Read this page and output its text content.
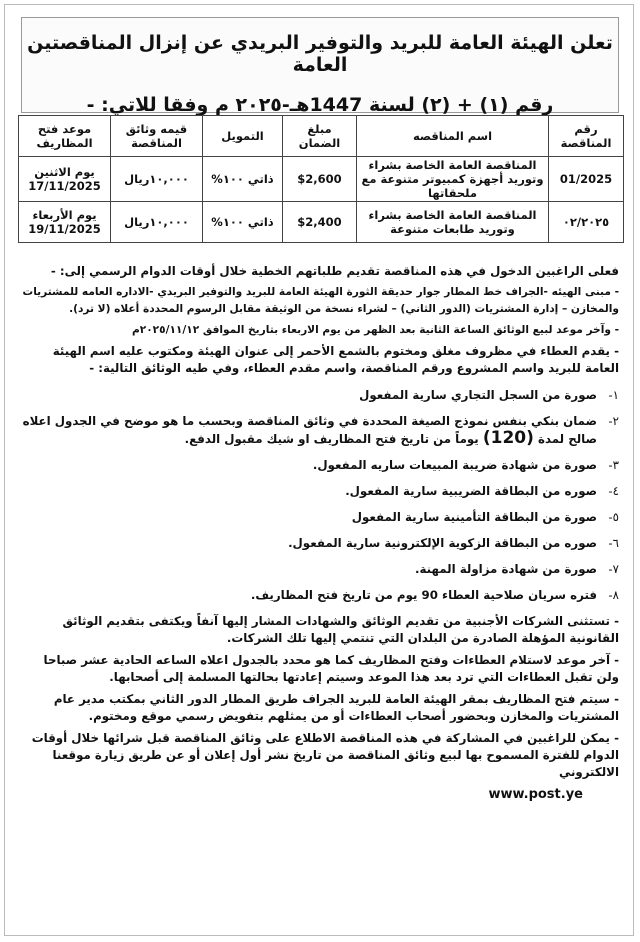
تعلن الهيئة العامة للبريد والتوفير البريدي عن إنزال المناقصتين العامة
رقم (١) + (٢) لسنة 1447هـ-٢٠٢٥ م وفقا للاتي: -
رقم المناقصة	اسم المناقصه	مبلغ الضمان	التمويل	قيمه وثائق المناقصة	موعد فتح المظاريف
01/2025	المناقصة العامة الخاصة بشراء وتوريد أجهزة كمبيوتر متنوعة مع ملحقاتها	$2,600	ذاتي ١٠٠%	١٠,٠٠٠ريال	يوم الاثنين 17/11/2025
٠٢/٢٠٢٥	المناقصة العامة الخاصة بشراء وتوريد طابعات متنوعة	$2,400	ذاتي ١٠٠%	١٠,٠٠٠ريال	يوم الأربعاء 19/11/2025

فعلى الراغبين الدخول في هذه المناقصة تقديم طلباتهم الخطية خلال أوقات الدوام الرسمي إلى: -

- مبنى الهيئه -الجراف خط المطار جوار حديقة الثورة الهيئة العامة للبريد والتوفير البريدي -الاداره العامه للمشتريات والمخازن – إدارة المشتريات (الدور الثاني) – لشراء نسخة من الوثيقة مقابل الرسوم المحددة أعلاه (لا ترد).

- وآخر موعد لبيع الوثائق الساعة الثانية بعد الظهر من يوم الاربعاء بتاريخ الموافق ٢٠٢٥/١١/١٢م

- يقدم العطاء في مظروف مغلق ومختوم بالشمع الأحمر إلى عنوان الهيئة ومكتوب عليه اسم الهيئة العامة للبريد واسم المشروع ورقم المناقصة، واسم مقدم العطاء، وفي طيه الوثائق التالية: -

١-
صورة من السجل التجاري سارية المفعول
٢-
ضمان بنكي بنفس نموذج الصيغة المحددة في وثائق المناقصة وبحسب ما هو موضح في الجدول اعلاه صالح لمدة (120) يوماً من تاريخ فتح المظاريف او شيك مقبول الدفع.
٣-
صورة من شهادة ضريبة المبيعات ساريه المفعول.
٤-
صوره من البطاقة الضريبية سارية المفعول.
٥-
صورة من البطاقة التأمينية سارية المفعول
٦-
صوره من البطاقة الزكوية الإلكترونية سارية المفعول.
٧-
صورة من شهادة مزاولة المهنة.
٨-
فتره سريان صلاحية العطاء 90 يوم من تاريخ فتح المظاريف.

- تستثنى الشركات الأجنبية من تقديم الوثائق والشهادات المشار إليها آنفاً ويكتفى بتقديم الوثائق القانونية المؤهلة الصادرة من البلدان التي تنتمي إليها تلك الشركات.

- آخر موعد لاستلام العطاءات وفتح المظاريف كما هو محدد بالجدول اعلاه الساعه الحادية عشر صباحا ولن تقبل العطاءات التي ترد بعد هذا الموعد وسيتم إعادتها بحالتها المسلمة إلى أصحابها.

- سيتم فتح المظاريف بمقر الهيئة العامة للبريد الجراف طريق المطار الدور الثاني بمكتب مدير عام المشتريات والمخازن وبحضور أصحاب العطاءات أو من يمثلهم بتفويض رسمي موقع ومختوم.

- يمكن للراغبين في المشاركة في هذه المناقصة الاطلاع على وثائق المناقصة قبل شرائها خلال أوقات الدوام للفترة المسموح بها لبيع وثائق المناقصة من تاريخ نشر أول إعلان أو عن طريق زيارة موقعنا الالكتروني

www.post.ye
